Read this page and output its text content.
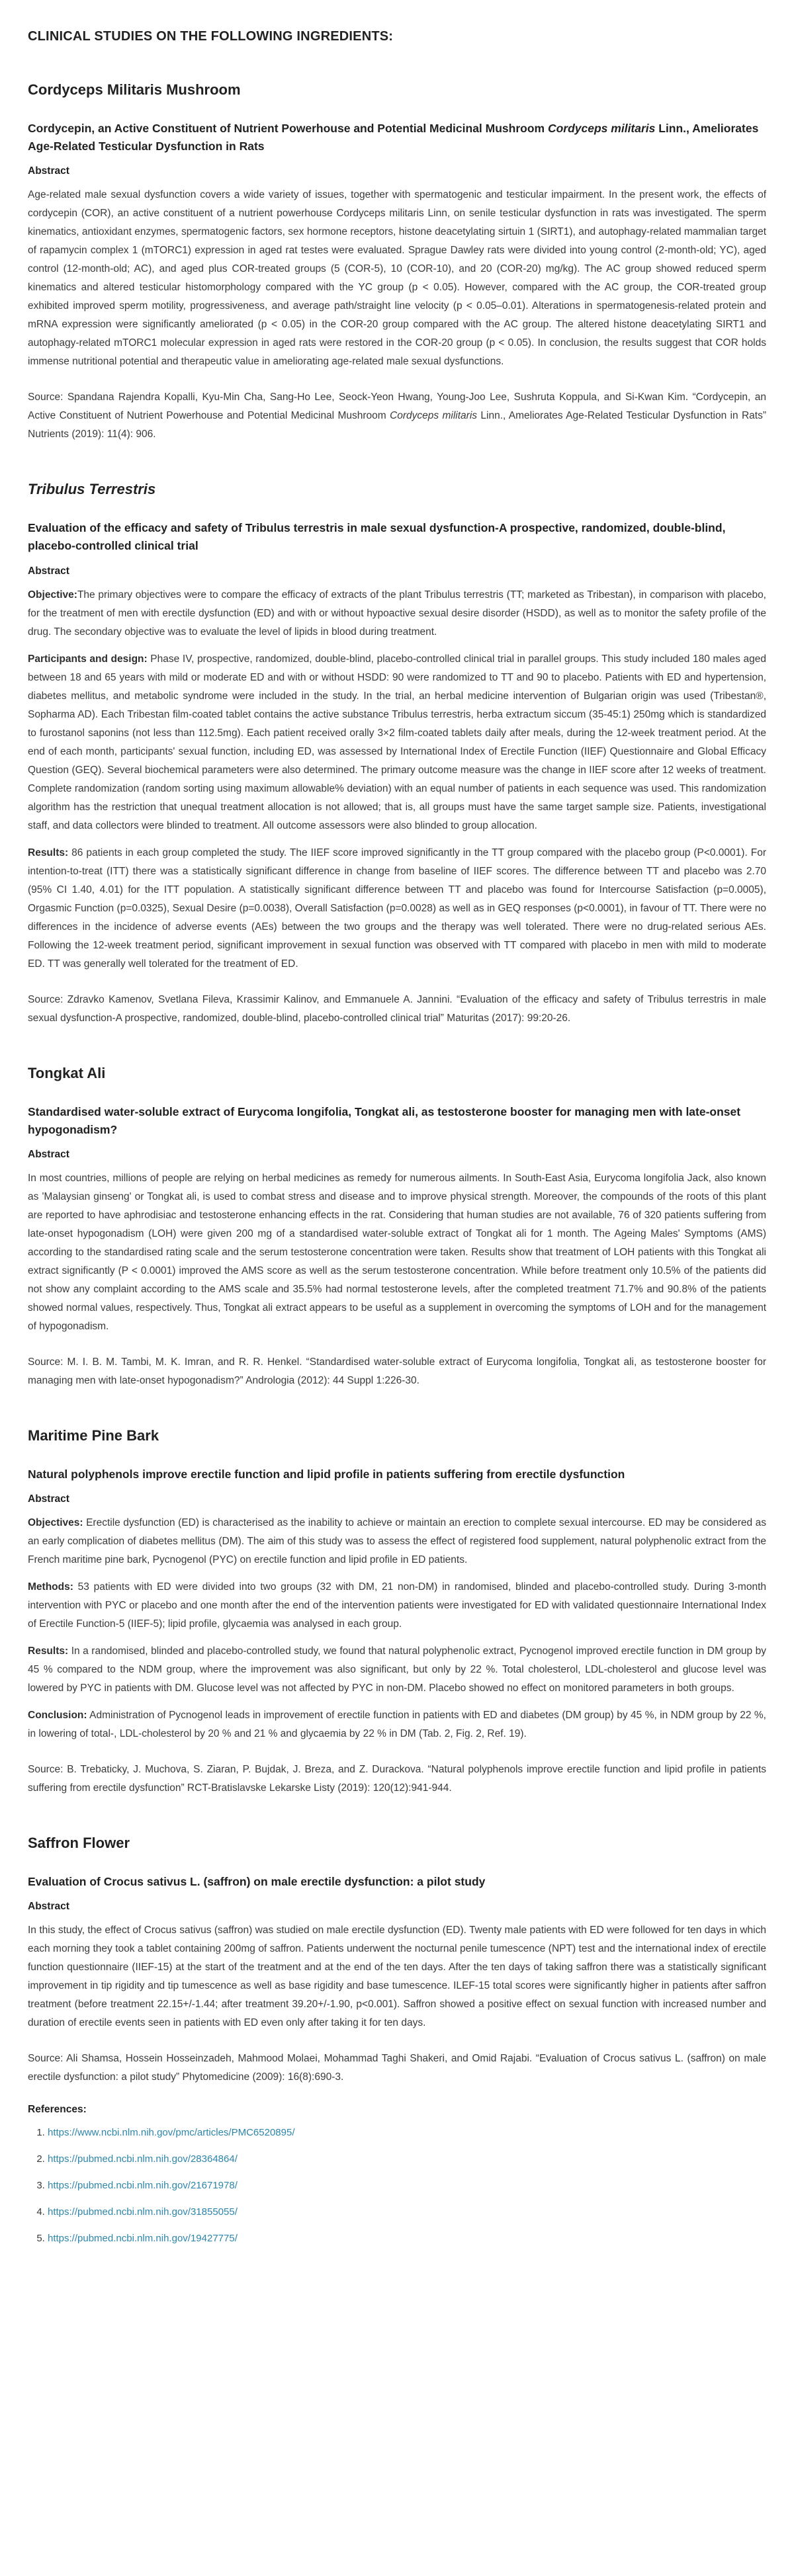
CLINICAL STUDIES ON THE FOLLOWING INGREDIENTS:
Cordyceps Militaris Mushroom
Cordycepin, an Active Constituent of Nutrient Powerhouse and Potential Medicinal Mushroom Cordyceps militaris Linn., Ameliorates Age-Related Testicular Dysfunction in Rats
Abstract

Age-related male sexual dysfunction covers a wide variety of issues, together with spermatogenic and testicular impairment. In the present work, the effects of cordycepin (COR), an active constituent of a nutrient powerhouse Cordyceps militaris Linn, on senile testicular dysfunction in rats was investigated. The sperm kinematics, antioxidant enzymes, spermatogenic factors, sex hormone receptors, histone deacetylating sirtuin 1 (SIRT1), and autophagy-related mammalian target of rapamycin complex 1 (mTORC1) expression in aged rat testes were evaluated. Sprague Dawley rats were divided into young control (2-month-old; YC), aged control (12-month-old; AC), and aged plus COR-treated groups (5 (COR-5), 10 (COR-10), and 20 (COR-20) mg/kg). The AC group showed reduced sperm kinematics and altered testicular histomorphology compared with the YC group (p < 0.05). However, compared with the AC group, the COR-treated group exhibited improved sperm motility, progressiveness, and average path/straight line velocity (p < 0.05–0.01). Alterations in spermatogenesis-related protein and mRNA expression were significantly ameliorated (p < 0.05) in the COR-20 group compared with the AC group. The altered histone deacetylating SIRT1 and autophagy-related mTORC1 molecular expression in aged rats were restored in the COR-20 group (p < 0.05). In conclusion, the results suggest that COR holds immense nutritional potential and therapeutic value in ameliorating age-related male sexual dysfunctions.

Source: Spandana Rajendra Kopalli, Kyu-Min Cha, Sang-Ho Lee, Seock-Yeon Hwang, Young-Joo Lee, Sushruta Koppula, and Si-Kwan Kim. “Cordycepin, an Active Constituent of Nutrient Powerhouse and Potential Medicinal Mushroom Cordyceps militaris Linn., Ameliorates Age-Related Testicular Dysfunction in Rats” Nutrients (2019): 11(4): 906.

Tribulus Terrestris
Evaluation of the efficacy and safety of Tribulus terrestris in male sexual dysfunction-A prospective, randomized, double-blind, placebo-controlled clinical trial
Abstract

Objective:The primary objectives were to compare the efficacy of extracts of the plant Tribulus terrestris (TT; marketed as Tribestan), in comparison with placebo, for the treatment of men with erectile dysfunction (ED) and with or without hypoactive sexual desire disorder (HSDD), as well as to monitor the safety profile of the drug. The secondary objective was to evaluate the level of lipids in blood during treatment.

Participants and design: Phase IV, prospective, randomized, double-blind, placebo-controlled clinical trial in parallel groups. This study included 180 males aged between 18 and 65 years with mild or moderate ED and with or without HSDD: 90 were randomized to TT and 90 to placebo. Patients with ED and hypertension, diabetes mellitus, and metabolic syndrome were included in the study. In the trial, an herbal medicine intervention of Bulgarian origin was used (Tribestan®, Sopharma AD). Each Tribestan film-coated tablet contains the active substance Tribulus terrestris, herba extractum siccum (35-45:1) 250mg which is standardized to furostanol saponins (not less than 112.5mg). Each patient received orally 3×2 film-coated tablets daily after meals, during the 12-week treatment period. At the end of each month, participants' sexual function, including ED, was assessed by International Index of Erectile Function (IIEF) Questionnaire and Global Efficacy Question (GEQ). Several biochemical parameters were also determined. The primary outcome measure was the change in IIEF score after 12 weeks of treatment. Complete randomization (random sorting using maximum allowable% deviation) with an equal number of patients in each sequence was used. This randomization algorithm has the restriction that unequal treatment allocation is not allowed; that is, all groups must have the same target sample size. Patients, investigational staff, and data collectors were blinded to treatment. All outcome assessors were also blinded to group allocation.

Results: 86 patients in each group completed the study. The IIEF score improved significantly in the TT group compared with the placebo group (P<0.0001). For intention-to-treat (ITT) there was a statistically significant difference in change from baseline of IIEF scores. The difference between TT and placebo was 2.70 (95% CI 1.40, 4.01) for the ITT population. A statistically significant difference between TT and placebo was found for Intercourse Satisfaction (p=0.0005), Orgasmic Function (p=0.0325), Sexual Desire (p=0.0038), Overall Satisfaction (p=0.0028) as well as in GEQ responses (p<0.0001), in favour of TT. There were no differences in the incidence of adverse events (AEs) between the two groups and the therapy was well tolerated. There were no drug-related serious AEs. Following the 12-week treatment period, significant improvement in sexual function was observed with TT compared with placebo in men with mild to moderate ED. TT was generally well tolerated for the treatment of ED.

Source: Zdravko Kamenov, Svetlana Fileva, Krassimir Kalinov, and Emmanuele A. Jannini. “Evaluation of the efficacy and safety of Tribulus terrestris in male sexual dysfunction-A prospective, randomized, double-blind, placebo-controlled clinical trial” Maturitas (2017): 99:20-26.

Tongkat Ali
Standardised water-soluble extract of Eurycoma longifolia, Tongkat ali, as testosterone booster for managing men with late-onset hypogonadism?
Abstract

In most countries, millions of people are relying on herbal medicines as remedy for numerous ailments. In South-East Asia, Eurycoma longifolia Jack, also known as 'Malaysian ginseng' or Tongkat ali, is used to combat stress and disease and to improve physical strength. Moreover, the compounds of the roots of this plant are reported to have aphrodisiac and testosterone enhancing effects in the rat. Considering that human studies are not available, 76 of 320 patients suffering from late-onset hypogonadism (LOH) were given 200 mg of a standardised water-soluble extract of Tongkat ali for 1 month. The Ageing Males' Symptoms (AMS) according to the standardised rating scale and the serum testosterone concentration were taken. Results show that treatment of LOH patients with this Tongkat ali extract significantly (P < 0.0001) improved the AMS score as well as the serum testosterone concentration. While before treatment only 10.5% of the patients did not show any complaint according to the AMS scale and 35.5% had normal testosterone levels, after the completed treatment 71.7% and 90.8% of the patients showed normal values, respectively. Thus, Tongkat ali extract appears to be useful as a supplement in overcoming the symptoms of LOH and for the management of hypogonadism.

Source: M. I. B. M. Tambi, M. K. Imran, and R. R. Henkel. “Standardised water-soluble extract of Eurycoma longifolia, Tongkat ali, as testosterone booster for managing men with late-onset hypogonadism?” Andrologia (2012): 44 Suppl 1:226-30.

Maritime Pine Bark
Natural polyphenols improve erectile function and lipid profile in patients suffering from erectile dysfunction
Abstract

Objectives: Erectile dysfunction (ED) is characterised as the inability to achieve or maintain an erection to complete sexual intercourse. ED may be considered as an early complication of diabetes mellitus (DM). The aim of this study was to assess the effect of registered food supplement, natural polyphenolic extract from the French maritime pine bark, Pycnogenol (PYC) on erectile function and lipid profile in ED patients.

Methods: 53 patients with ED were divided into two groups (32 with DM, 21 non-DM) in randomised, blinded and placebo-controlled study. During 3-month intervention with PYC or placebo and one month after the end of the intervention patients were investigated for ED with validated questionnaire International Index of Erectile Function-5 (IIEF-5); lipid profile, glycaemia was analysed in each group.

Results: In a randomised, blinded and placebo-controlled study, we found that natural polyphenolic extract, Pycnogenol improved erectile function in DM group by 45 % compared to the NDM group, where the improvement was also significant, but only by 22 %. Total cholesterol, LDL-cholesterol and glucose level was lowered by PYC in patients with DM. Glucose level was not affected by PYC in non-DM. Placebo showed no effect on monitored parameters in both groups.

Conclusion: Administration of Pycnogenol leads in improvement of erectile function in patients with ED and diabetes (DM group) by 45 %, in NDM group by 22 %, in lowering of total-, LDL-cholesterol by 20 % and 21 % and glycaemia by 22 % in DM (Tab. 2, Fig. 2, Ref. 19).

Source: B. Trebaticky, J. Muchova, S. Ziaran, P. Bujdak, J. Breza, and Z. Durackova. “Natural polyphenols improve erectile function and lipid profile in patients suffering from erectile dysfunction” RCT-Bratislavske Lekarske Listy (2019): 120(12):941-944.

Saffron Flower
Evaluation of Crocus sativus L. (saffron) on male erectile dysfunction: a pilot study
Abstract

In this study, the effect of Crocus sativus (saffron) was studied on male erectile dysfunction (ED). Twenty male patients with ED were followed for ten days in which each morning they took a tablet containing 200mg of saffron. Patients underwent the nocturnal penile tumescence (NPT) test and the international index of erectile function questionnaire (IIEF-15) at the start of the treatment and at the end of the ten days. After the ten days of taking saffron there was a statistically significant improvement in tip rigidity and tip tumescence as well as base rigidity and base tumescence. ILEF-15 total scores were significantly higher in patients after saffron treatment (before treatment 22.15+/-1.44; after treatment 39.20+/-1.90, p<0.001). Saffron showed a positive effect on sexual function with increased number and duration of erectile events seen in patients with ED even only after taking it for ten days.

Source: Ali Shamsa, Hossein Hosseinzadeh, Mahmood Molaei, Mohammad Taghi Shakeri, and Omid Rajabi. “Evaluation of Crocus sativus L. (saffron) on male erectile dysfunction: a pilot study” Phytomedicine (2009): 16(8):690-3.

References:
1. https://www.ncbi.nlm.nih.gov/pmc/articles/PMC6520895/
2. https://pubmed.ncbi.nlm.nih.gov/28364864/
3. https://pubmed.ncbi.nlm.nih.gov/21671978/
4. https://pubmed.ncbi.nlm.nih.gov/31855055/
5. https://pubmed.ncbi.nlm.nih.gov/19427775/
